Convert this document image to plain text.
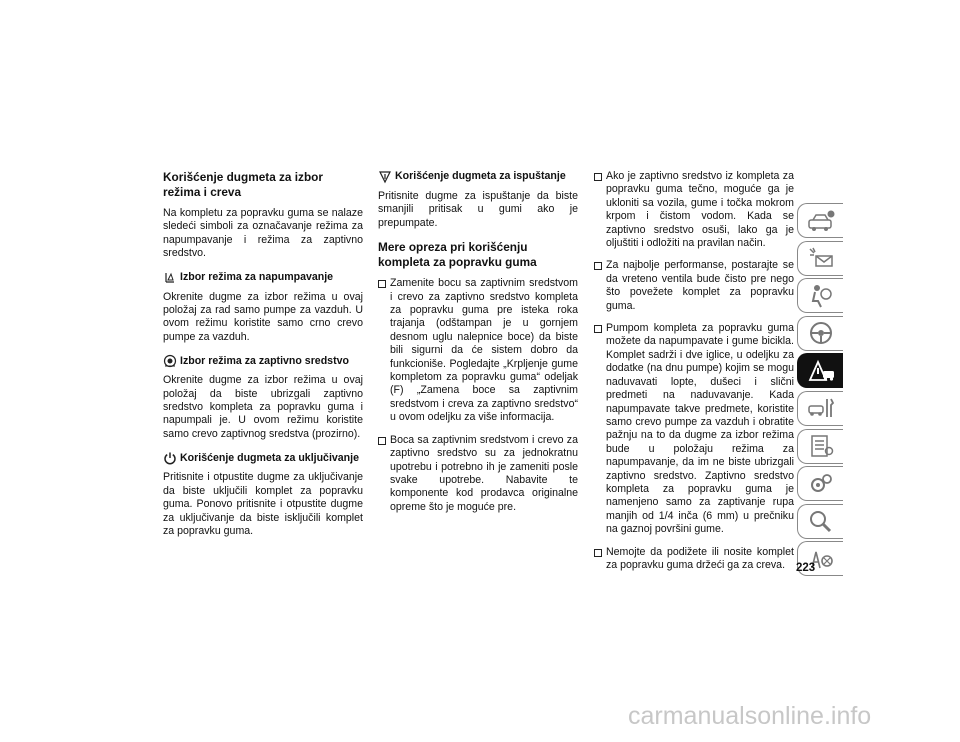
Korišćenje dugmeta za izbor režima i creva

Na kompletu za popravku guma se nalaze sledeći simboli za označavanje režima za napumpavanje i režima za zaptivno sredstvo.

Izbor režima za napumpavanje

Okrenite dugme za izbor režima u ovaj položaj za rad samo pumpe za vazduh. U ovom režimu koristite samo crno crevo pumpe za vazduh.

Izbor režima za zaptivno sredstvo

Okrenite dugme za izbor režima u ovaj položaj da biste ubrizgali zaptivno sredstvo kompleta za popravku guma i napumpali je. U ovom režimu koristite samo crevo zaptivnog sredstva (prozirno).

Korišćenje dugmeta za uključivanje

Pritisnite i otpustite dugme za uključivanje da biste uključili komplet za popravku guma. Ponovo pritisnite i otpustite dugme za uključivanje da biste isključili komplet za popravku guma.

Korišćenje dugmeta za ispuštanje

Pritisnite dugme za ispuštanje da biste smanjili pritisak u gumi ako je prepumpate.

Mere opreza pri korišćenju kompleta za popravku guma
Zamenite bocu sa zaptivnim sredstvom i crevo za zaptivno sredstvo kompleta za popravku guma pre isteka roka trajanja (odštampan je u gornjem desnom uglu nalepnice boce) da biste bili sigurni da će sistem dobro da funkcioniše. Pogledajte „Krpljenje gume kompletom za popravku guma“ odeljak (F) „Zamena boce sa zaptivnim sredstvom i creva za zaptivno sredstvo“ u ovom odeljku za više informacija.
Boca sa zaptivnim sredstvom i crevo za zaptivno sredstvo su za jednokratnu upotrebu i potrebno ih je zameniti posle svake upotrebe. Nabavite te komponente kod prodavca originalne opreme što je moguće pre.
Ako je zaptivno sredstvo iz kompleta za popravku guma tečno, moguće ga je ukloniti sa vozila, gume i točka mokrom krpom i čistom vodom. Kada se zaptivno sredstvo osuši, lako ga je oljuštiti i odložiti na pravilan način.
Za najbolje performanse, postarajte se da vreteno ventila bude čisto pre nego što povežete komplet za popravku guma.
Pumpom kompleta za popravku guma možete da napumpavate i gume bicikla. Komplet sadrži i dve iglice, u odeljku za dodatke (na dnu pumpe) kojim se mogu naduvavati lopte, dušeci i slični predmeti na naduvavanje. Kada napumpavate takve predmete, koristite samo crevo pumpe za vazduh i obratite pažnju na to da dugme za izbor režima bude u položaju režima za napumpavanje, da im ne biste ubrizgali zaptivno sredstvo. Zaptivno sredstvo kompleta za popravku guma je namenjeno samo za zaptivanje rupa manjih od 1/4 inča (6 mm) u prečniku na gaznoj površini gume.
Nemojte da podižete ili nosite komplet za popravku guma držeći ga za creva. 223
carmanualsonline.info
